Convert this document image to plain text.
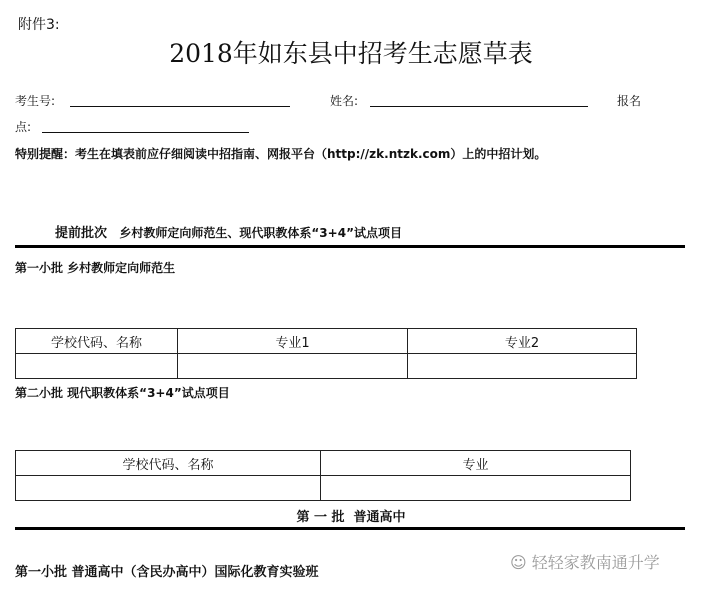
附件3:
2018年如东县中招考生志愿草表
考生号:	姓名:	报名
点:
特别提醒：考生在填表前应仔细阅读中招指南、网报平台（http://zk.ntzk.com）上的中招计划。
提前批次 乡村教师定向师范生、现代职教体系“3+4”试点项目
第一小批 乡村教师定向师范生
学校代码、名称	专业1	专业2

第二小批 现代职教体系“3+4”试点项目
学校代码、名称	专业

第 一 批  普通高中
第一小批 普通高中（含民办高中）国际化教育实验班
☺ 轻轻家教南通升学
